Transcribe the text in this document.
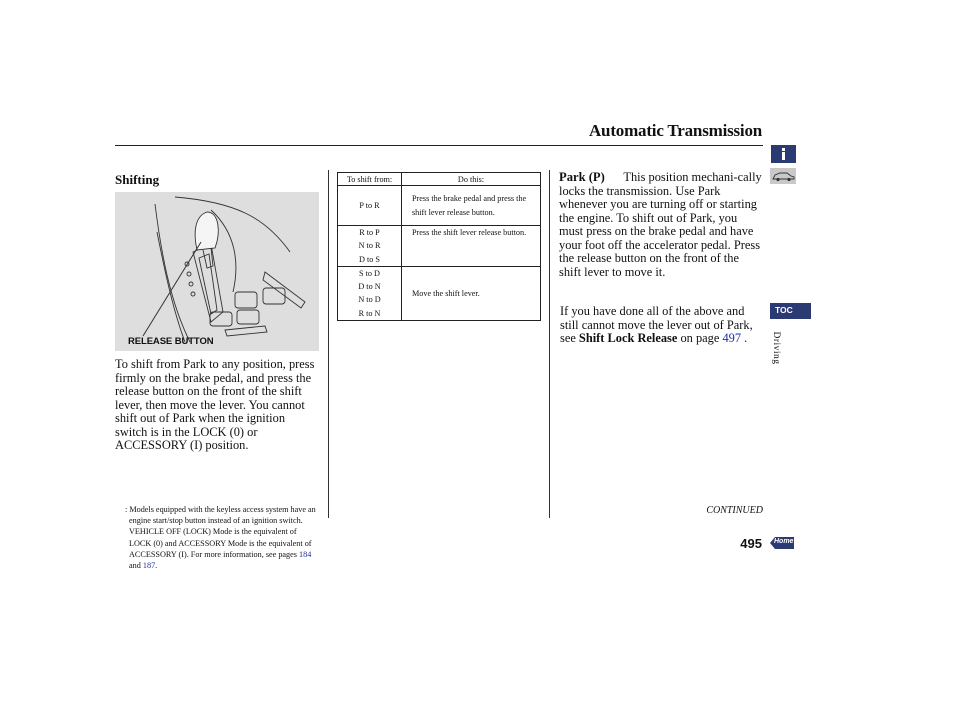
Automatic Transmission
Shifting
RELEASE BUTTON
To shift from Park to any position, press firmly on the brake pedal, and press the release button on the front of the shift lever, then move the lever. You cannot shift out of Park when the ignition switch is in the LOCK (0) or ACCESSORY (I) position.

: Models equipped with the keyless access system have an engine start/stop button instead of an ignition switch. VEHICLE OFF (LOCK) Mode is the equivalent of LOCK (0) and ACCESSORY Mode is the equivalent of ACCESSORY (I). For more information, see pages 184 and 187.

To shift from:	Do this:

P to R	Press the brake pedal and press the shift lever release button.

R to P
N to R
D to S	Press the shift lever release button.

S to D
D to N
N to D
R to N	Move the shift lever.
Park (P) This position mechani-cally locks the transmission. Use Park whenever you are turning off or starting the engine. To shift out of Park, you must press on the brake pedal and have your foot off the accelerator pedal. Press the release button on the front of the shift lever to move it.
If you have done all of the above and still cannot move the lever out of Park, see Shift Lock Release on page 497 .
CONTINUED
495
TOC
Driving
Home
